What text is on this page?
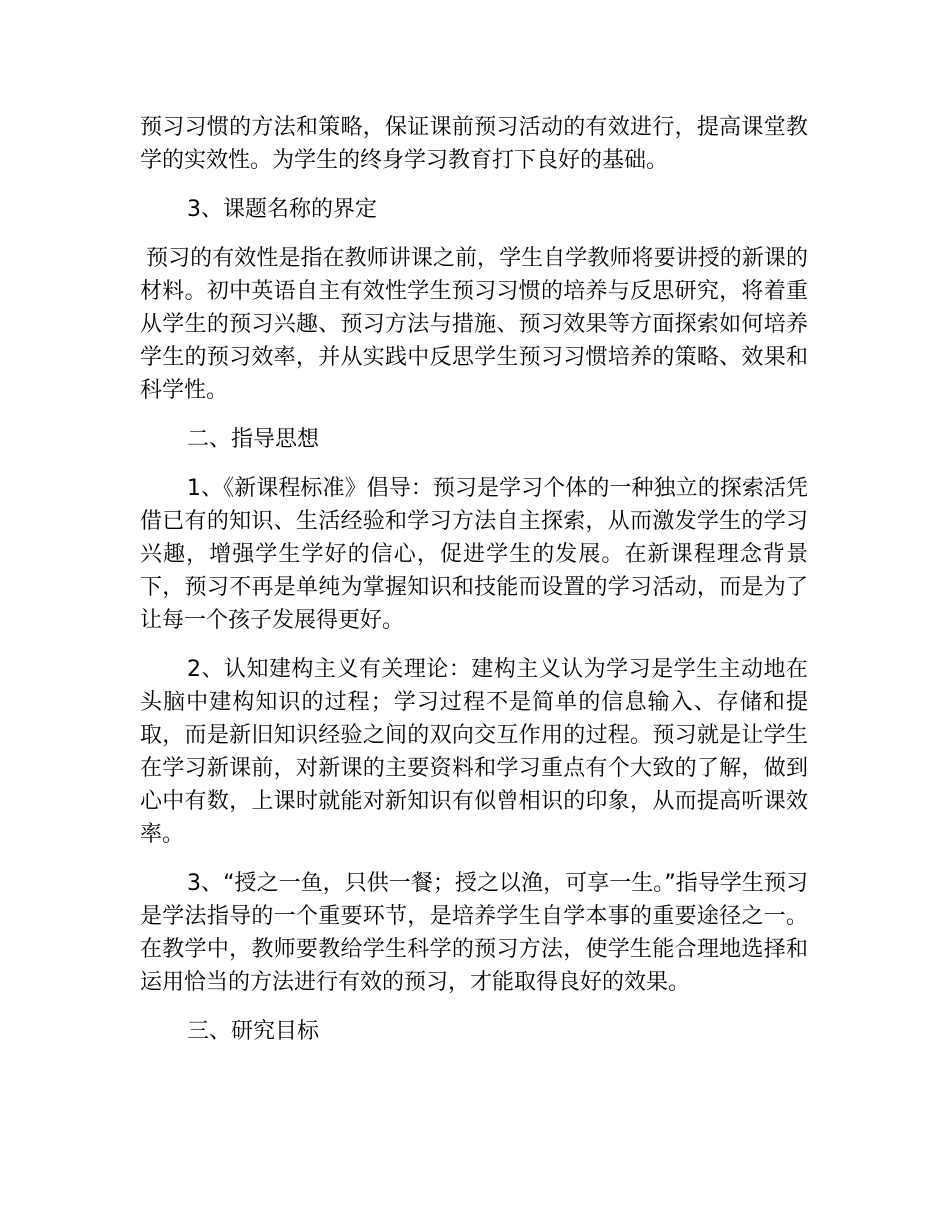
预习习惯的方法和策略，保证课前预习活动的有效进行，提高课堂教学的实效性。为学生的终身学习教育打下良好的基础。

3、课题名称的界定

预习的有效性是指在教师讲课之前，学生自学教师将要讲授的新课的材料。初中英语自主有效性学生预习习惯的培养与反思研究，将着重从学生的预习兴趣、预习方法与措施、预习效果等方面探索如何培养学生的预习效率，并从实践中反思学生预习习惯培养的策略、效果和科学性。

二、指导思想

1、《新课程标准》倡导：预习是学习个体的一种独立的探索活凭借已有的知识、生活经验和学习方法自主探索，从而激发学生的学习兴趣，增强学生学好的信心，促进学生的发展。在新课程理念背景下，预习不再是单纯为掌握知识和技能而设置的学习活动，而是为了让每一个孩子发展得更好。

2、认知建构主义有关理论：建构主义认为学习是学生主动地在头脑中建构知识的过程；学习过程不是简单的信息输入、存储和提取，而是新旧知识经验之间的双向交互作用的过程。预习就是让学生在学习新课前，对新课的主要资料和学习重点有个大致的了解，做到心中有数，上课时就能对新知识有似曾相识的印象，从而提高听课效率。

3、“授之一鱼，只供一餐；授之以渔，可享一生。”指导学生预习是学法指导的一个重要环节，是培养学生自学本事的重要途径之一。在教学中，教师要教给学生科学的预习方法，使学生能合理地选择和运用恰当的方法进行有效的预习，才能取得良好的效果。

三、研究目标
